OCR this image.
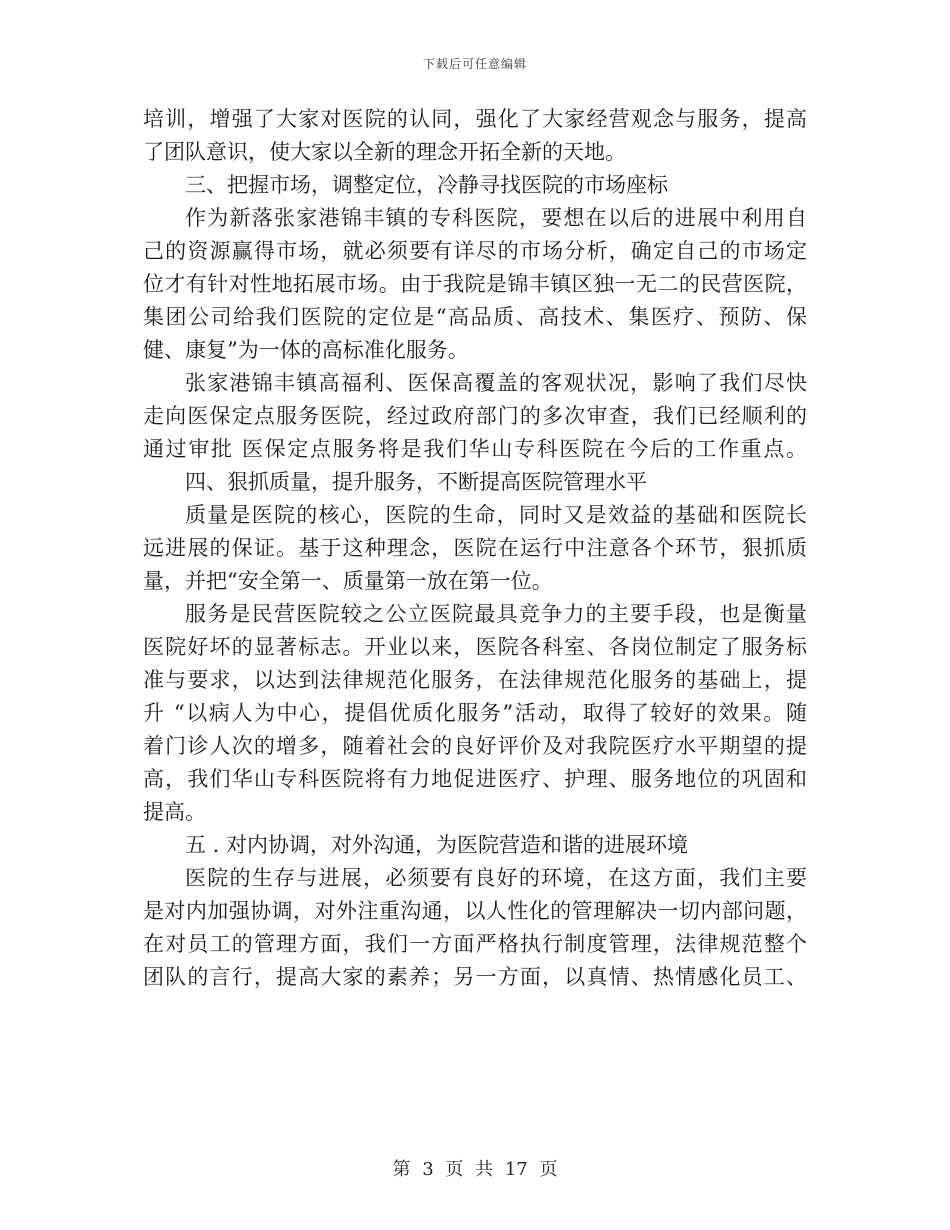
下载后可任意编辑
培训，增强了大家对医院的认同，强化了大家经营观念与服务，提高
了团队意识，使大家以全新的理念开拓全新的天地。
三、把握市场，调整定位，冷静寻找医院的市场座标
作为新落张家港锦丰镇的专科医院，要想在以后的进展中利用自
己的资源赢得市场，就必须要有详尽的市场分析，确定自己的市场定
位才有针对性地拓展市场。由于我院是锦丰镇区独一无二的民营医院，
集团公司给我们医院的定位是“高品质、高技术、集医疗、预防、保
健、康复”为一体的高标准化服务。
张家港锦丰镇高福利、医保高覆盖的客观状况，影响了我们尽快
走向医保定点服务医院，经过政府部门的多次审查，我们已经顺利的
通过审批 医保定点服务将是我们华山专科医院在今后的工作重点。
四、狠抓质量，提升服务，不断提高医院管理水平
质量是医院的核心，医院的生命，同时又是效益的基础和医院长
远进展的保证。基于这种理念，医院在运行中注意各个环节，狠抓质
量，并把“安全第一、质量第一放在第一位。
服务是民营医院较之公立医院最具竞争力的主要手段，也是衡量
医院好坏的显著标志。开业以来，医院各科室、各岗位制定了服务标
准与要求，以达到法律规范化服务，在法律规范化服务的基础上，提
升 “以病人为中心，提倡优质化服务”活动，取得了较好的效果。随
着门诊人次的增多，随着社会的良好评价及对我院医疗水平期望的提
高，我们华山专科医院将有力地促进医疗、护理、服务地位的巩固和
提高。
五 . 对内协调，对外沟通，为医院营造和谐的进展环境
医院的生存与进展，必须要有良好的环境，在这方面，我们主要
是对内加强协调，对外注重沟通，以人性化的管理解决一切内部问题，
在对员工的管理方面，我们一方面严格执行制度管理，法律规范整个
团队的言行，提高大家的素养；另一方面，以真情、热情感化员工、
第 3 页 共 17 页
